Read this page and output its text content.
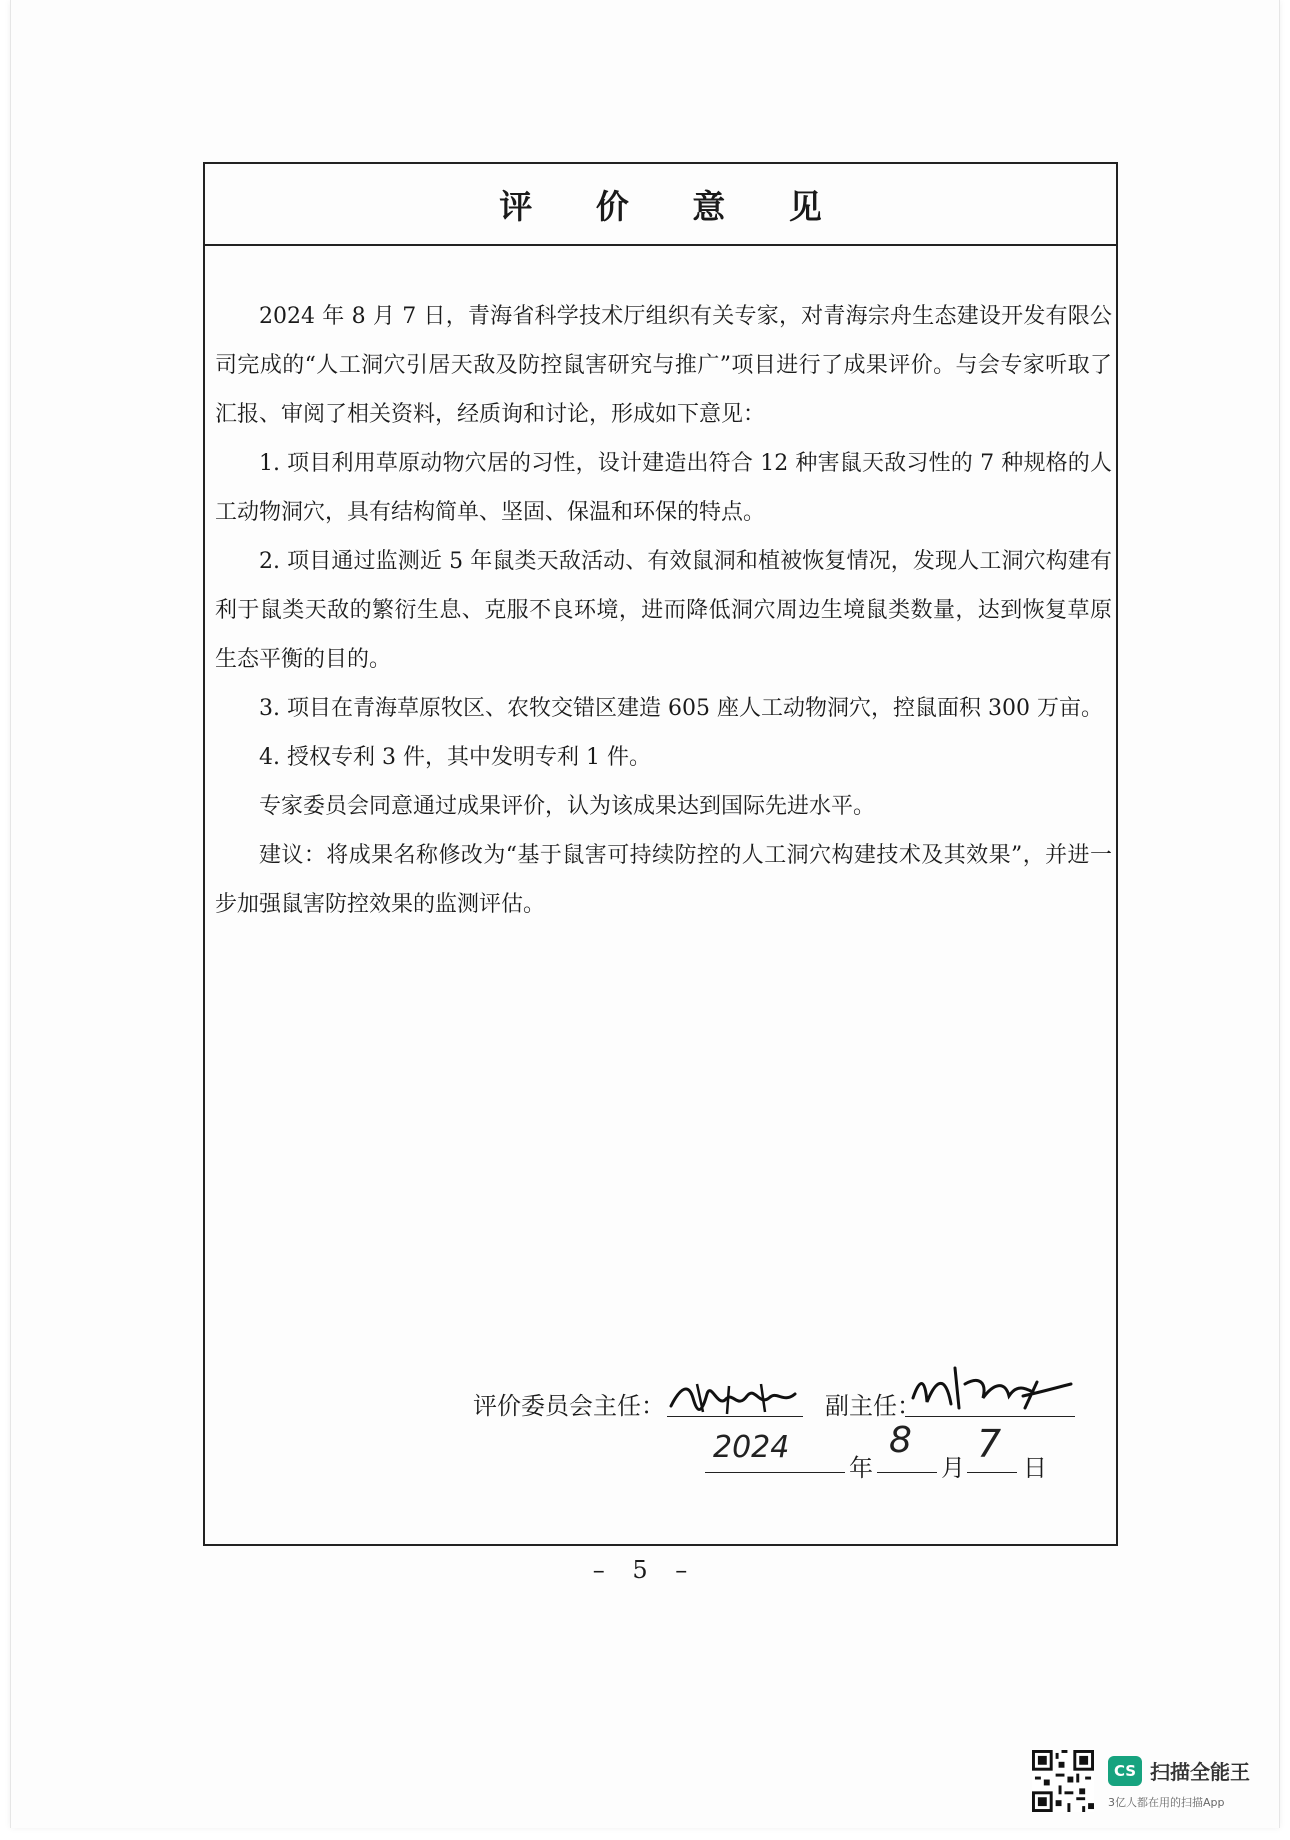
评 价 意 见

2024 年 8 月 7 日，青海省科学技术厅组织有关专家，对青海宗舟生态建设开发有限公司完成的“人工洞穴引居天敌及防控鼠害研究与推广”项目进行了成果评价。与会专家听取了汇报、审阅了相关资料，经质询和讨论，形成如下意见：

1. 项目利用草原动物穴居的习性，设计建造出符合 12 种害鼠天敌习性的 7 种规格的人工动物洞穴，具有结构简单、坚固、保温和环保的特点。

2. 项目通过监测近 5 年鼠类天敌活动、有效鼠洞和植被恢复情况，发现人工洞穴构建有利于鼠类天敌的繁衍生息、克服不良环境，进而降低洞穴周边生境鼠类数量，达到恢复草原生态平衡的目的。

3. 项目在青海草原牧区、农牧交错区建造 605 座人工动物洞穴，控鼠面积 300 万亩。

4. 授权专利 3 件，其中发明专利 1 件。

专家委员会同意通过成果评价，认为该成果达到国际先进水平。

建议：将成果名称修改为“基于鼠害可持续防控的人工洞穴构建技术及其效果”，并进一步加强鼠害防控效果的监测评估。

评价委员会主任：	副主任：
2024
年
8
月
7
日
– 5 –
CS 扫描全能王
3亿人都在用的扫描App
